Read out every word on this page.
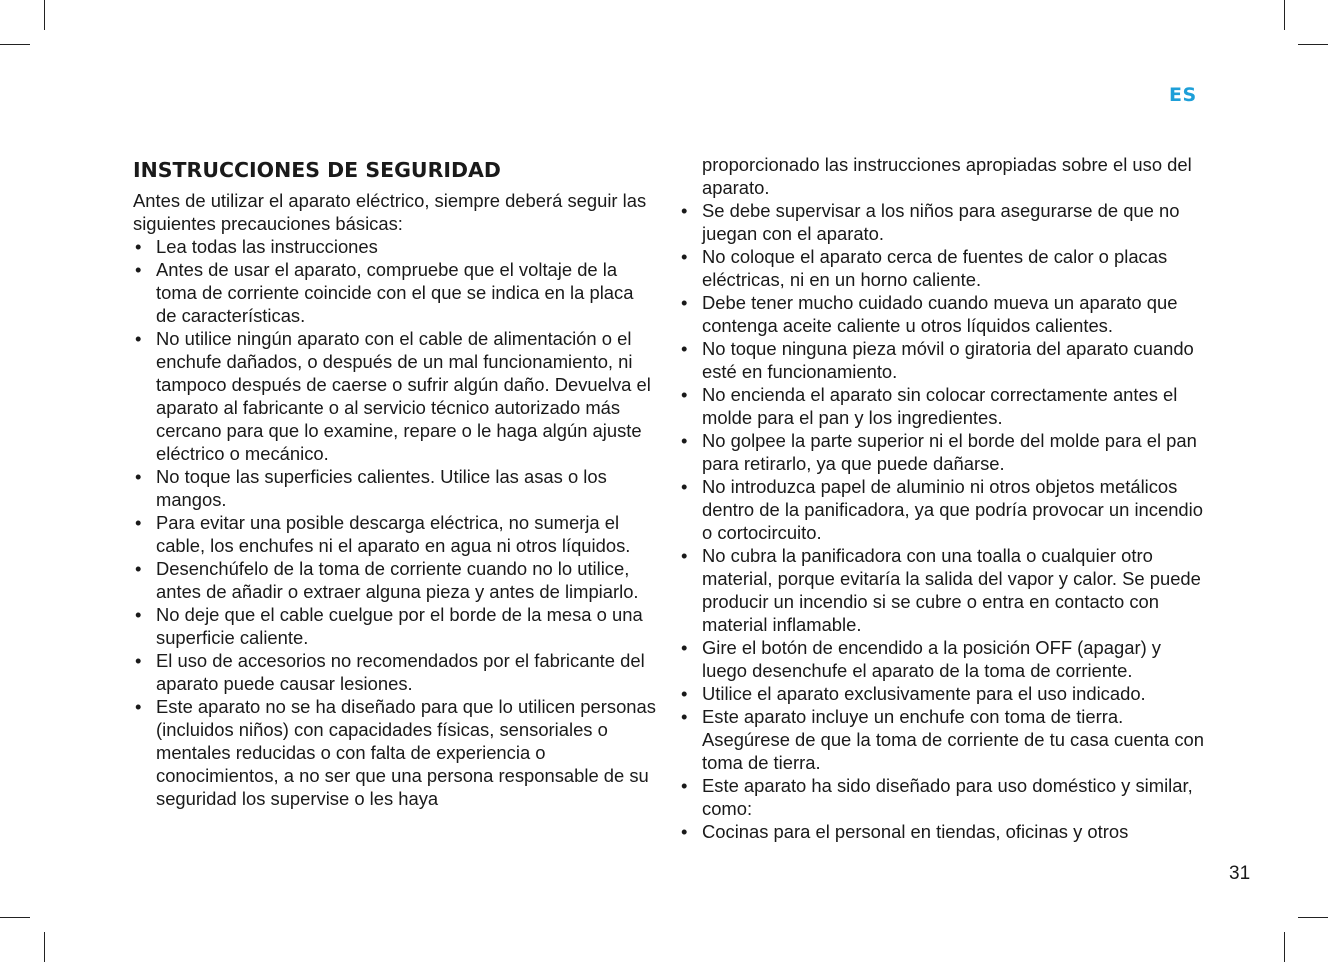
ES
INSTRUCCIONES DE SEGURIDAD

Antes de utilizar el aparato eléctrico, siempre deberá seguir las siguientes precauciones básicas:

• Lea todas las instrucciones
• Antes de usar el aparato, compruebe que el voltaje de la toma de corriente coincide con el que se indica en la placa de características.
• No utilice ningún aparato con el cable de alimentación o el enchufe dañados, o después de un mal funcionamiento, ni tampoco después de caerse o sufrir algún daño. Devuelva el aparato al fabricante o al servicio técnico autorizado más cercano para que lo examine, repare o le haga algún ajuste eléctrico o mecánico.
• No toque las superficies calientes. Utilice las asas o los mangos.
• Para evitar una posible descarga eléctrica, no sumerja el cable, los enchufes ni el aparato en agua ni otros líquidos.
• Desenchúfelo de la toma de corriente cuando no lo utilice, antes de añadir o extraer alguna pieza y antes de limpiarlo.
• No deje que el cable cuelgue por el borde de la mesa o una superficie caliente.
• El uso de accesorios no recomendados por el fabricante del aparato puede causar lesiones.
• Este aparato no se ha diseñado para que lo utilicen personas (incluidos niños) con capacidades físicas, sensoriales o mentales reducidas o con falta de experiencia o conocimientos, a no ser que una persona responsable de su seguridad los supervise o les haya

proporcionado las instrucciones apropiadas sobre el uso del aparato.

• Se debe supervisar a los niños para asegurarse de que no juegan con el aparato.
• No coloque el aparato cerca de fuentes de calor o placas eléctricas, ni en un horno caliente.
• Debe tener mucho cuidado cuando mueva un aparato que contenga aceite caliente u otros líquidos calientes.
• No toque ninguna pieza móvil o giratoria del aparato cuando esté en funcionamiento.
• No encienda el aparato sin colocar correctamente antes el molde para el pan y los ingredientes.
• No golpee la parte superior ni el borde del molde para el pan para retirarlo, ya que puede dañarse.
• No introduzca papel de aluminio ni otros objetos metálicos dentro de la panificadora, ya que podría provocar un incendio o cortocircuito.
• No cubra la panificadora con una toalla o cualquier otro material, porque evitaría la salida del vapor y calor. Se puede producir un incendio si se cubre o entra en contacto con material inflamable.
• Gire el botón de encendido a la posición OFF (apagar) y luego desenchufe el aparato de la toma de corriente.
• Utilice el aparato exclusivamente para el uso indicado.
• Este aparato incluye un enchufe con toma de tierra. Asegúrese de que la toma de corriente de tu casa cuenta con toma de tierra.
• Este aparato ha sido diseñado para uso doméstico y similar, como:
• Cocinas para el personal en tiendas, oficinas y otros
31
